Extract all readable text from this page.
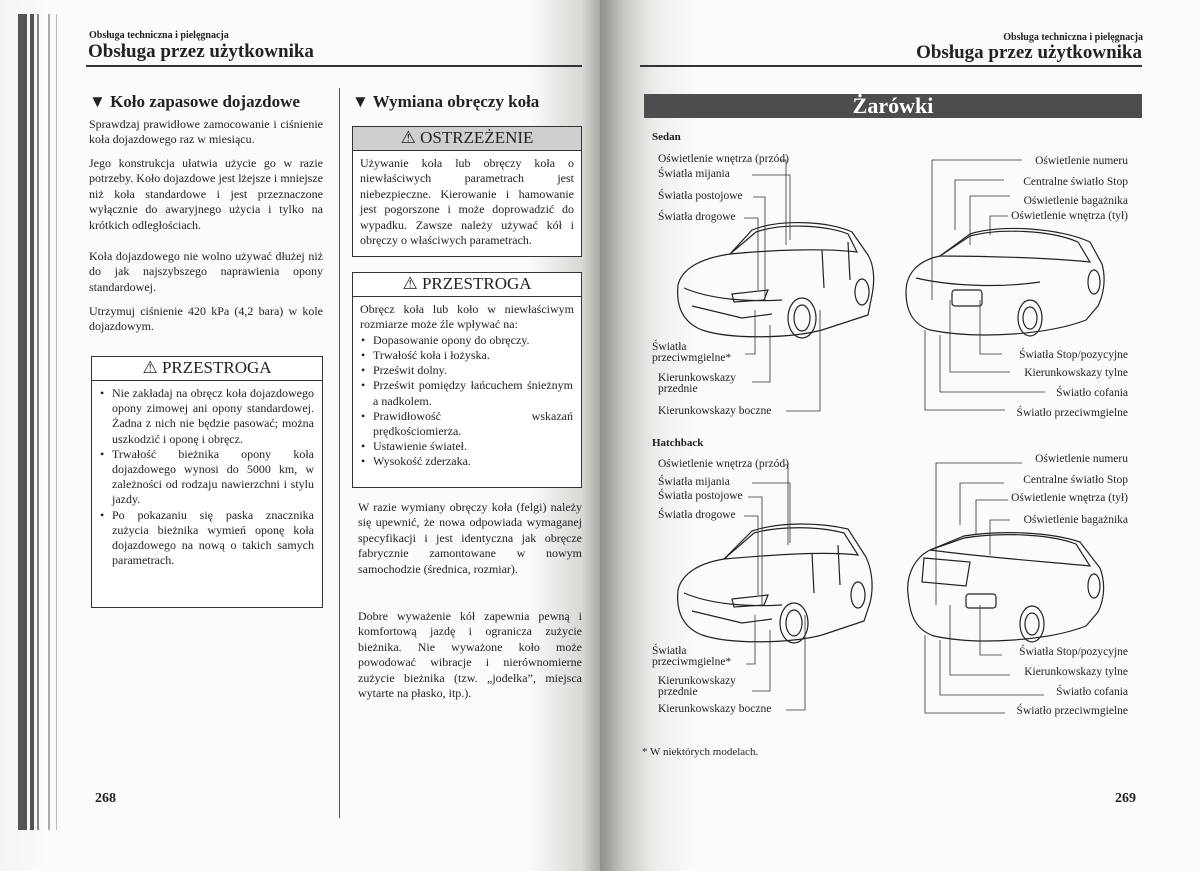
Obsługa techniczna i pielęgnacja
Obsługa przez użytkownika
▼ Koło zapasowe dojazdowe
Sprawdzaj prawidłowe zamocowanie i ciśnienie koła dojazdowego raz w miesiącu.
Jego konstrukcja ułatwia użycie go w razie potrzeby. Koło dojazdowe jest lżejsze i mniejsze niż koła standardowe i jest przeznaczone wyłącznie do awaryjnego użycia i tylko na krótkich odległościach.
Koła dojazdowego nie wolno używać dłużej niż do jak najszybszego naprawienia opony standardowej.
Utrzymuj ciśnienie 420 kPa (4,2 bara) w kole dojazdowym.
⚠ PRZESTROGA
• Nie zakładaj na obręcz koła dojazdowego opony zimowej ani opony standardowej. Żadna z nich nie będzie pasować; można uszkodzić i oponę i obręcz.
• Trwałość bieżnika opony koła dojazdowego wynosi do 5000 km, w zależności od rodzaju nawierzchni i stylu jazdy.
• Po pokazaniu się paska znacznika zużycia bieżnika wymień oponę koła dojazdowego na nową o takich samych parametrach.
▼ Wymiana obręczy koła
⚠ OSTRZEŻENIE

Używanie koła lub obręczy koła o niewłaściwych parametrach jest niebezpieczne. Kierowanie i hamowanie jest pogorszone i może doprowadzić do wypadku. Zawsze należy używać kół i obręczy o właściwych parametrach.

⚠ PRZESTROGA

Obręcz koła lub koło w niewłaściwym rozmiarze może źle wpływać na:

• Dopasowanie opony do obręczy.
• Trwałość koła i łożyska.
• Prześwit dolny.
• Prześwit pomiędzy łańcuchem śnieżnym a nadkolem.
• Prawidłowość wskazań prędkościomierza.
• Ustawienie świateł.
• Wysokość zderzaka.
W razie wymiany obręczy koła (felgi) należy się upewnić, że nowa odpowiada wymaganej specyfikacji i jest identyczna jak obręcze fabrycznie zamontowane w nowym samochodzie (średnica, rozmiar).
Dobre wyważenie kół zapewnia pewną i komfortową jazdę i ogranicza zużycie bieżnika. Nie wyważone koło może powodować wibracje i nierównomierne zużycie bieżnika (tzw. „jodełka”, miejsca wytarte na płasko, itp.).
268
Obsługa techniczna i pielęgnacja
Obsługa przez użytkownika
Żarówki
Sedan
Oświetlenie wnętrza (przód)
Światła mijania
Światła postojowe
Światła drogowe
Światła przeciwmgielne*
Kierunkowskazy przednie
Kierunkowskazy boczne
Oświetlenie numeru
Centralne światło Stop
Oświetlenie bagażnika
Oświetlenie wnętrza (tył)
Światła Stop/pozycyjne
Kierunkowskazy tylne
Światło cofania
Światło przeciwmgielne
Hatchback
Oświetlenie wnętrza (przód)
Światła mijania
Światła postojowe
Światła drogowe
Światła przeciwmgielne*
Kierunkowskazy przednie
Kierunkowskazy boczne
Oświetlenie numeru
Centralne światło Stop
Oświetlenie wnętrza (tył)
Oświetlenie bagażnika
Światła Stop/pozycyjne
Kierunkowskazy tylne
Światło cofania
Światło przeciwmgielne
* W niektórych modelach.
269
